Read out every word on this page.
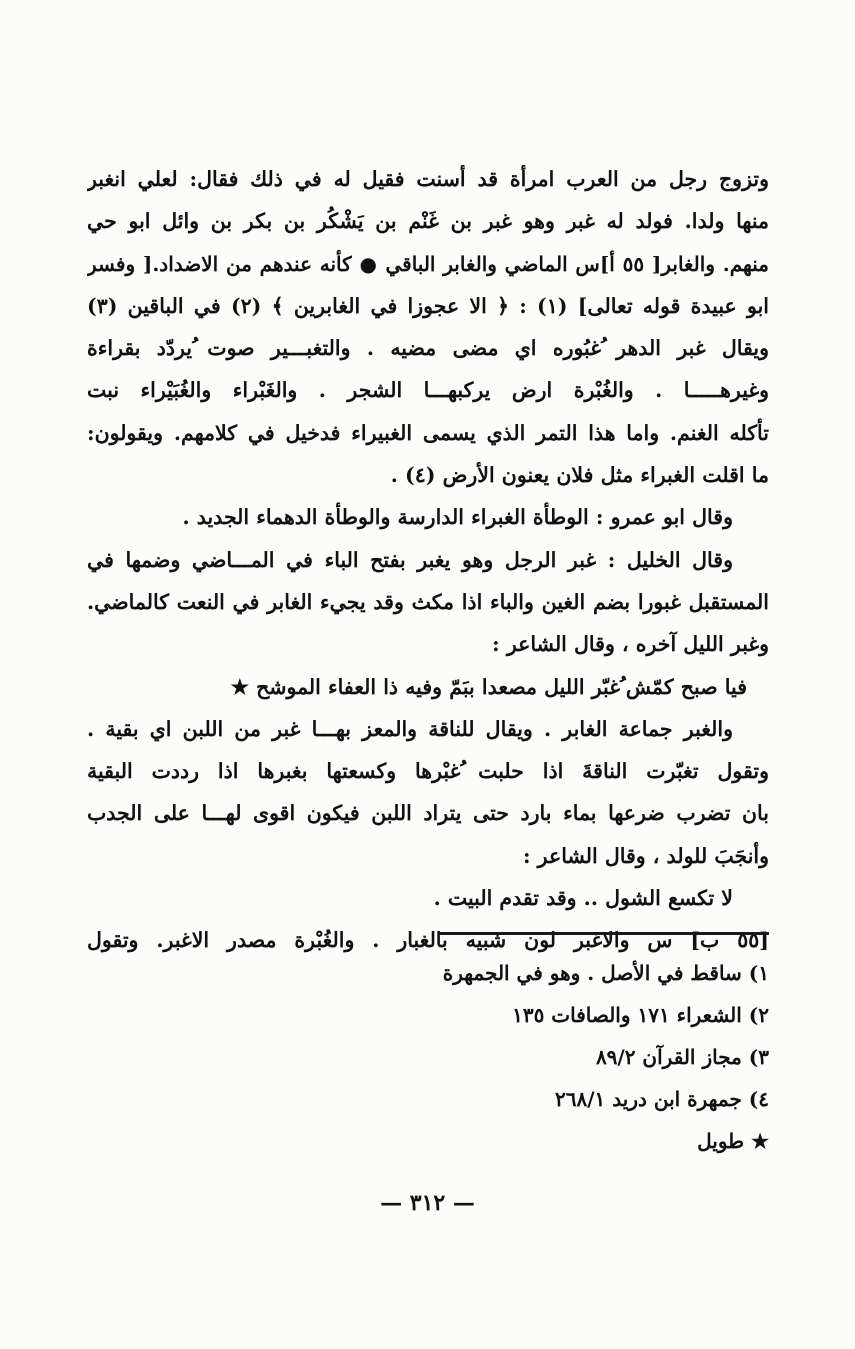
وتزوج رجل من العرب امرأة قد أسنت فقيل له في ذلك فقال: لعلي انغبر
منها ولدا. فولد له غبر وهو غبر بن غَنْم بن يَشْكُر بن بكر بن وائل ابو حي
منهم. والغابر[ ٥٥ أ]س الماضي والغابر الباقي ● كأنه عندهم من الاضداد.[ وفسر
ابو عبيدة قوله تعالى] (١) : ﴿ الا عجوزا في الغابرين ﴾ (٢) في الباقين (٣)
ويقال غبر الدهر ُغبُوره اي مضى مضيه . والتغبـــير صوت ُيردّد بقراءة
وغيرهـــــا . والغُبْرة ارض يركبهـــا الشجر . والغَبْراء والغُبَيْراء نبت
تأكله الغنم. واما هذا التمر الذي يسمى الغبيراء فدخيل في كلامهم. ويقولون:
ما اقلت الغبراء مثل فلان يعنون الأرض (٤) .
وقال ابو عمرو : الوطأة الغبراء الدارسة والوطأة الدهماء الجديد .
وقال الخليل : غبر الرجل وهو يغبر بفتح الباء في المـــاضي وضمها في
المستقبل غبورا بضم الغين والباء اذا مكث وقد يجيء الغابر في النعت كالماضي.
وغبر الليل آخره ، وقال الشاعر :
فيا صبح كمّش ُغبّر الليل مصعدا ببَمّ وفيه ذا العفاء الموشح ★
والغبر جماعة الغابر . ويقال للناقة والمعز بهـــا غبر من اللبن اي بقية .
وتقول تغبّرت الناقةَ اذا حلبت ُغبْرها وكسعتها بغبرها اذا رددت البقية
بان تضرب ضرعها بماء بارد حتى يتراد اللبن فيكون اقوى لهـــا على الجدب
وأنجَبَ للولد ، وقال الشاعر :
لا تكسع الشول .. وقد تقدم البيت .
[٥٥ ب] س والاغبر لون شبيه بالغبار . والغُبْرة مصدر الاغبر. وتقول
١) ساقط في الأصل . وهو في الجمهرة
٢) الشعراء ١٧١ والصافات ١٣٥
٣) مجاز القرآن ٨٩/٢
٤) جمهرة ابن دريد ٢٦٨/١
★ طويل
— ٣١٢ —
